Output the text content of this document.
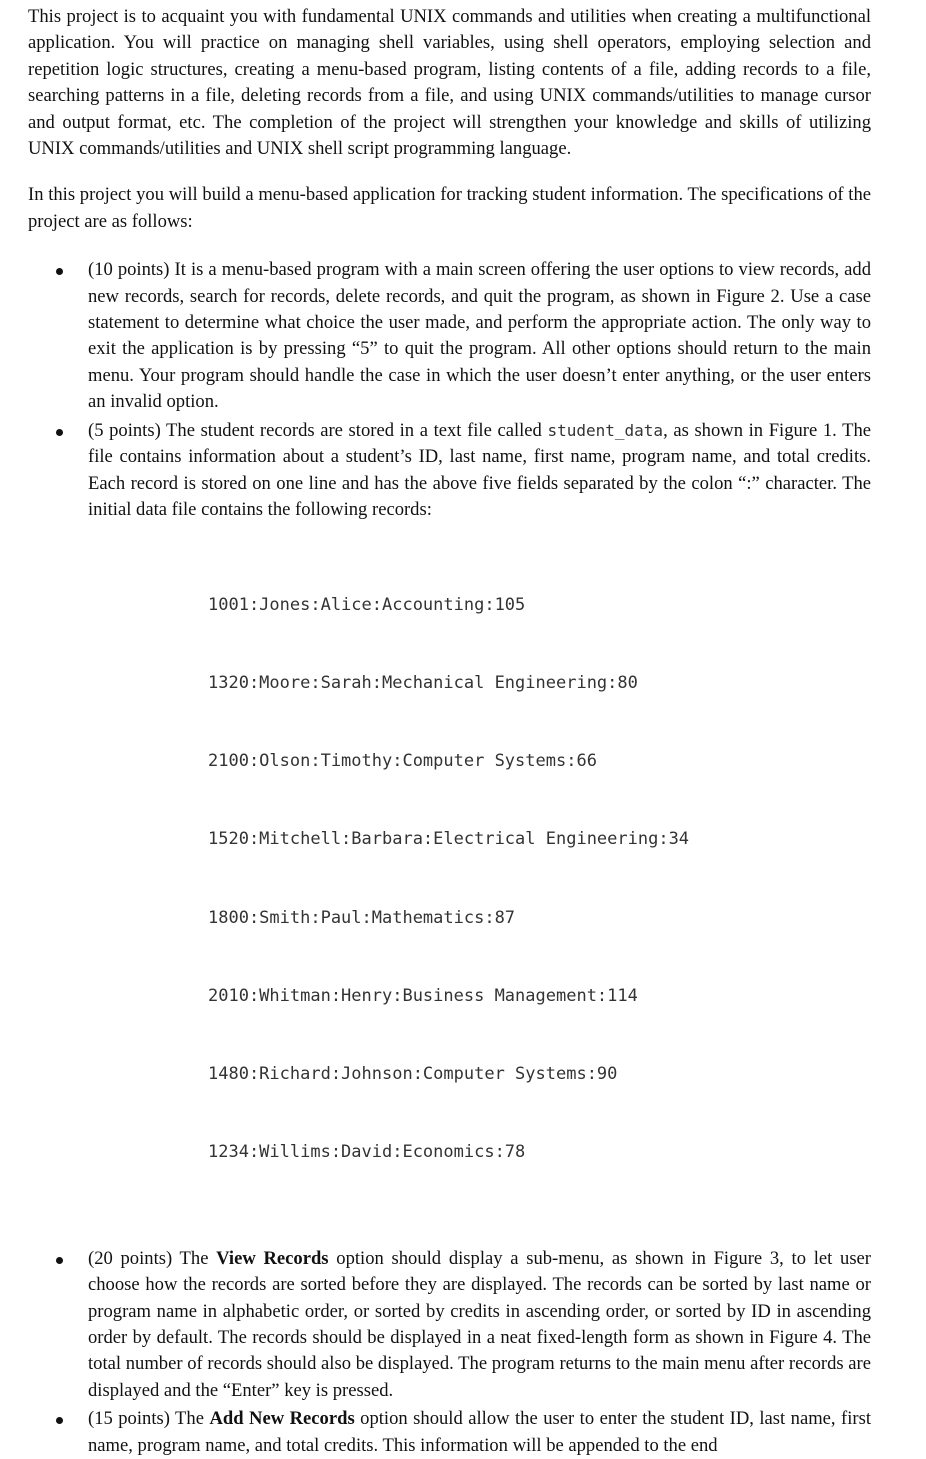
This project is to acquaint you with fundamental UNIX commands and utilities when creating a multifunctional application. You will practice on managing shell variables, using shell operators, employing selection and repetition logic structures, creating a menu-based program, listing contents of a file, adding records to a file, searching patterns in a file, deleting records from a file, and using UNIX commands/utilities to manage cursor and output format, etc. The completion of the project will strengthen your knowledge and skills of utilizing UNIX commands/utilities and UNIX shell script programming language.

In this project you will build a menu-based application for tracking student information. The specifications of the project are as follows:

(10 points) It is a menu-based program with a main screen offering the user options to view records, add new records, search for records, delete records, and quit the program, as shown in Figure 2. Use a case statement to determine what choice the user made, and perform the appropriate action. The only way to exit the application is by pressing “5” to quit the program. All other options should return to the main menu. Your program should handle the case in which the user doesn’t enter anything, or the user enters an invalid option.
(5 points) The student records are stored in a text file called student_data, as shown in Figure 1. The file contains information about a student’s ID, last name, first name, program name, and total credits. Each record is stored on one line and has the above five fields separated by the colon “:” character. The initial data file contains the following records:

1001:Jones:Alice:Accounting:105

1320:Moore:Sarah:Mechanical Engineering:80

2100:Olson:Timothy:Computer Systems:66

1520:Mitchell:Barbara:Electrical Engineering:34

1800:Smith:Paul:Mathematics:87

2010:Whitman:Henry:Business Management:114

1480:Richard:Johnson:Computer Systems:90

1234:Willims:David:Economics:78

(20 points) The View Records option should display a sub-menu, as shown in Figure 3, to let user choose how the records are sorted before they are displayed. The records can be sorted by last name or program name in alphabetic order, or sorted by credits in ascending order, or sorted by ID in ascending order by default. The records should be displayed in a neat fixed-length form as shown in Figure 4. The total number of records should also be displayed. The program returns to the main menu after records are displayed and the “Enter” key is pressed.
(15 points) The Add New Records option should allow the user to enter the student ID, last name, first name, program name, and total credits. This information will be appended to the end
